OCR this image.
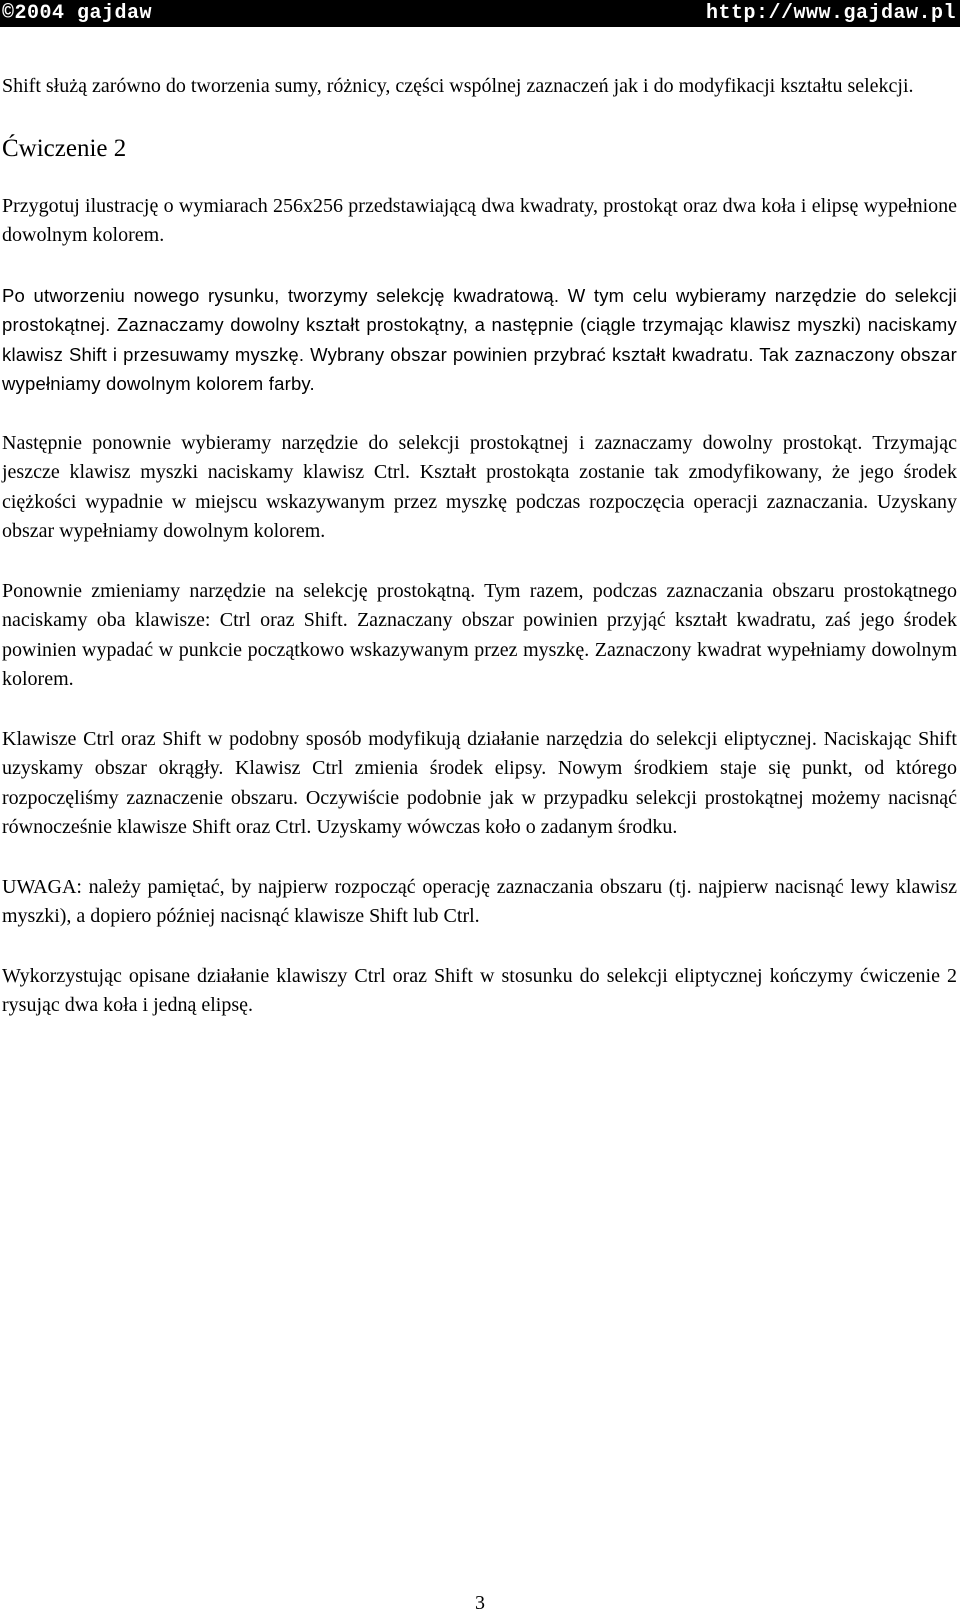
©2004 gajdaw	http://www.gajdaw.pl

Shift służą zarówno do tworzenia sumy, różnicy, części wspólnej zaznaczeń jak i do modyfikacji kształtu selekcji.

Ćwiczenie 2

Przygotuj ilustrację o wymiarach 256x256 przedstawiającą dwa kwadraty, prostokąt oraz dwa koła i elipsę wypełnione dowolnym kolorem.

Po utworzeniu nowego rysunku, tworzymy selekcję kwadratową. W tym celu wybieramy narzędzie do selekcji prostokątnej. Zaznaczamy dowolny kształt prostokątny, a następnie (ciągle trzymając klawisz myszki) naciskamy klawisz Shift i przesuwamy myszkę. Wybrany obszar powinien przybrać kształt kwadratu. Tak zaznaczony obszar wypełniamy dowolnym kolorem farby.

Następnie ponownie wybieramy narzędzie do selekcji prostokątnej i zaznaczamy dowolny prostokąt. Trzymając jeszcze klawisz myszki naciskamy klawisz Ctrl. Kształt prostokąta zostanie tak zmodyfikowany, że jego środek ciężkości wypadnie w miejscu wskazywanym przez myszkę podczas rozpoczęcia operacji zaznaczania. Uzyskany obszar wypełniamy dowolnym kolorem.

Ponownie zmieniamy narzędzie na selekcję prostokątną. Tym razem, podczas zaznaczania obszaru prostokątnego naciskamy oba klawisze: Ctrl oraz Shift. Zaznaczany obszar powinien przyjąć kształt kwadratu, zaś jego środek powinien wypadać w punkcie początkowo wskazywanym przez myszkę. Zaznaczony kwadrat wypełniamy dowolnym kolorem.

Klawisze Ctrl oraz Shift w podobny sposób modyfikują działanie narzędzia do selekcji eliptycznej. Naciskając Shift uzyskamy obszar okrągły. Klawisz Ctrl zmienia środek elipsy. Nowym środkiem staje się punkt, od którego rozpoczęliśmy zaznaczenie obszaru. Oczywiście podobnie jak w przypadku selekcji prostokątnej możemy nacisnąć równocześnie klawisze Shift oraz Ctrl. Uzyskamy wówczas koło o zadanym środku.

UWAGA: należy pamiętać, by najpierw rozpocząć operację zaznaczania obszaru (tj. najpierw nacisnąć lewy klawisz myszki), a dopiero później nacisnąć klawisze Shift lub Ctrl.

Wykorzystując opisane działanie klawiszy Ctrl oraz Shift w stosunku do selekcji eliptycznej kończymy ćwiczenie 2 rysując dwa koła i jedną elipsę.

3
